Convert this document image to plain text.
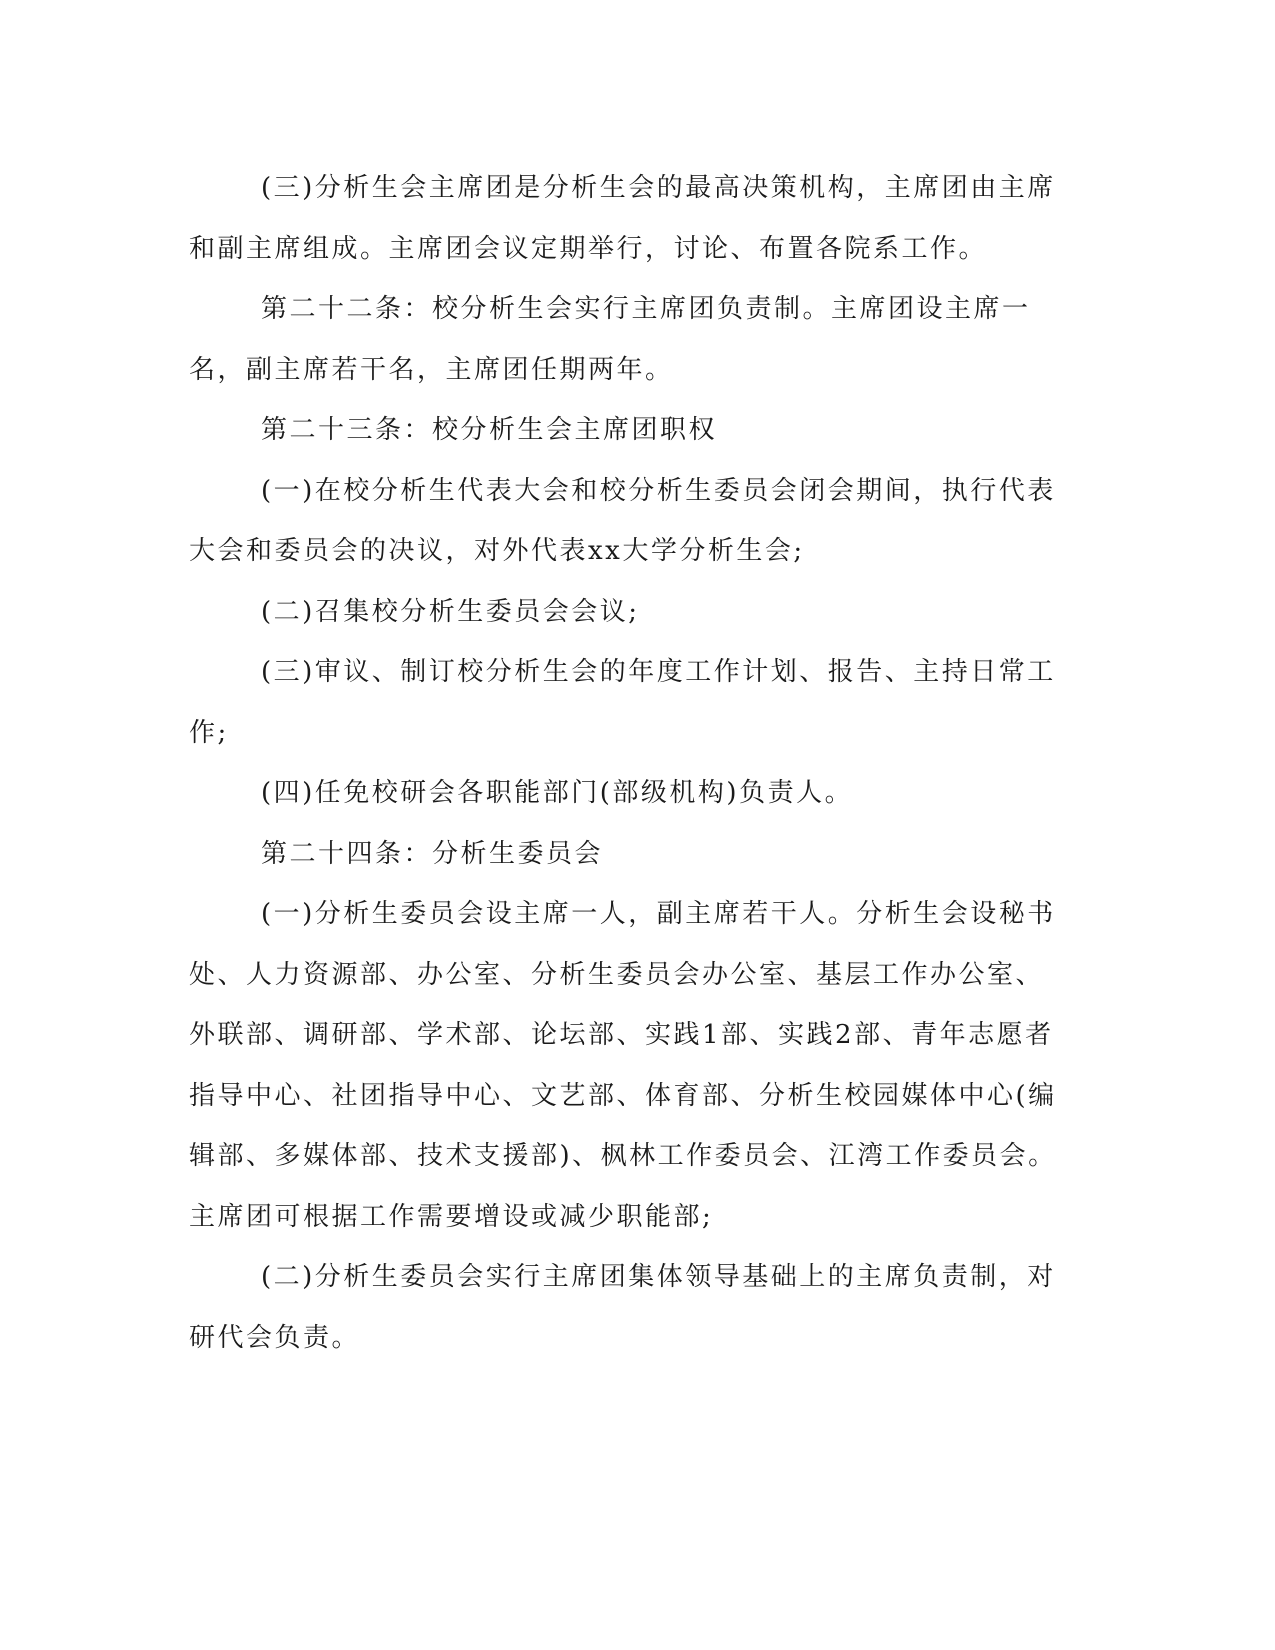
(三)分析生会主席团是分析生会的最高决策机构，主席团由主席和副主席组成。主席团会议定期举行，讨论、布置各院系工作。

第二十二条：校分析生会实行主席团负责制。主席团设主席一名，副主席若干名，主席团任期两年。

第二十三条：校分析生会主席团职权

(一)在校分析生代表大会和校分析生委员会闭会期间，执行代表大会和委员会的决议，对外代表xx大学分析生会;

(二)召集校分析生委员会会议;

(三)审议、制订校分析生会的年度工作计划、报告、主持日常工作;

(四)任免校研会各职能部门(部级机构)负责人。

第二十四条：分析生委员会

(一)分析生委员会设主席一人，副主席若干人。分析生会设秘书处、人力资源部、办公室、分析生委员会办公室、基层工作办公室、外联部、调研部、学术部、论坛部、实践1部、实践2部、青年志愿者指导中心、社团指导中心、文艺部、体育部、分析生校园媒体中心(编辑部、多媒体部、技术支援部)、枫林工作委员会、江湾工作委员会。主席团可根据工作需要增设或减少职能部;

(二)分析生委员会实行主席团集体领导基础上的主席负责制，对研代会负责。
